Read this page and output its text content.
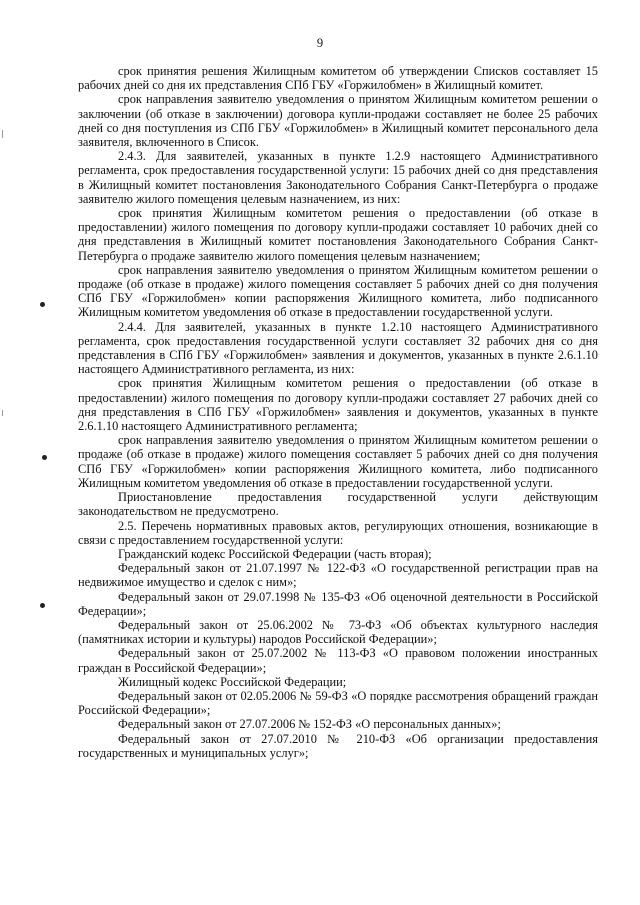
9

срок принятия решения Жилищным комитетом об утверждении Списков составляет 15 рабочих дней со дня их представления СПб ГБУ «Горжилобмен» в Жилищный комитет.

срок направления заявителю уведомления о принятом Жилищным комитетом решении о заключении (об отказе в заключении) договора купли-продажи составляет не более 25 рабочих дней со дня поступления из СПб ГБУ «Горжилобмен» в Жилищный комитет персонального дела заявителя, включенного в Список.

2.4.3. Для заявителей, указанных в пункте 1.2.9 настоящего Административного регламента, срок предоставления государственной услуги: 15 рабочих дней со дня представления в Жилищный комитет постановления Законодательного Собрания Санкт-Петербурга о продаже заявителю жилого помещения целевым назначением, из них:

срок принятия Жилищным комитетом решения о предоставлении (об отказе в предоставлении) жилого помещения по договору купли-продажи составляет 10 рабочих дней со дня представления в Жилищный комитет постановления Законодательного Собрания Санкт-Петербурга о продаже заявителю жилого помещения целевым назначением;

срок направления заявителю уведомления о принятом Жилищным комитетом решении о продаже (об отказе в продаже) жилого помещения составляет 5 рабочих дней со дня получения СПб ГБУ «Горжилобмен» копии распоряжения Жилищного комитета, либо подписанного Жилищным комитетом уведомления об отказе в предоставлении государственной услуги.

2.4.4. Для заявителей, указанных в пункте 1.2.10 настоящего Административного регламента, срок предоставления государственной услуги составляет 32 рабочих дня со дня представления в СПб ГБУ «Горжилобмен» заявления и документов, указанных в пункте 2.6.1.10 настоящего Административного регламента, из них:

срок принятия Жилищным комитетом решения о предоставлении (об отказе в предоставлении) жилого помещения по договору купли-продажи составляет 27 рабочих дней со дня представления в СПб ГБУ «Горжилобмен» заявления и документов, указанных в пункте 2.6.1.10 настоящего Административного регламента;

срок направления заявителю уведомления о принятом Жилищным комитетом решении о продаже (об отказе в продаже) жилого помещения составляет 5 рабочих дней со дня получения СПб ГБУ «Горжилобмен» копии распоряжения Жилищного комитета, либо подписанного Жилищным комитетом уведомления об отказе в предоставлении государственной услуги.

Приостановление предоставления государственной услуги действующим законодательством не предусмотрено.

2.5. Перечень нормативных правовых актов, регулирующих отношения, возникающие в связи с предоставлением государственной услуги:

Гражданский кодекс Российской Федерации (часть вторая);

Федеральный закон от 21.07.1997 № 122-ФЗ «О государственной регистрации прав на недвижимое имущество и сделок с ним»;

Федеральный закон от 29.07.1998 № 135-ФЗ «Об оценочной деятельности в Российской Федерации»;

Федеральный закон от 25.06.2002 № 73-ФЗ «Об объектах культурного наследия (памятниках истории и культуры) народов Российской Федерации»;

Федеральный закон от 25.07.2002 № 113-ФЗ «О правовом положении иностранных граждан в Российской Федерации»;

Жилищный кодекс Российской Федерации;

Федеральный закон от 02.05.2006 № 59-ФЗ «О порядке рассмотрения обращений граждан Российской Федерации»;

Федеральный закон от 27.07.2006 № 152-ФЗ «О персональных данных»;

Федеральный закон от 27.07.2010 № 210-ФЗ «Об организации предоставления государственных и муниципальных услуг»;
